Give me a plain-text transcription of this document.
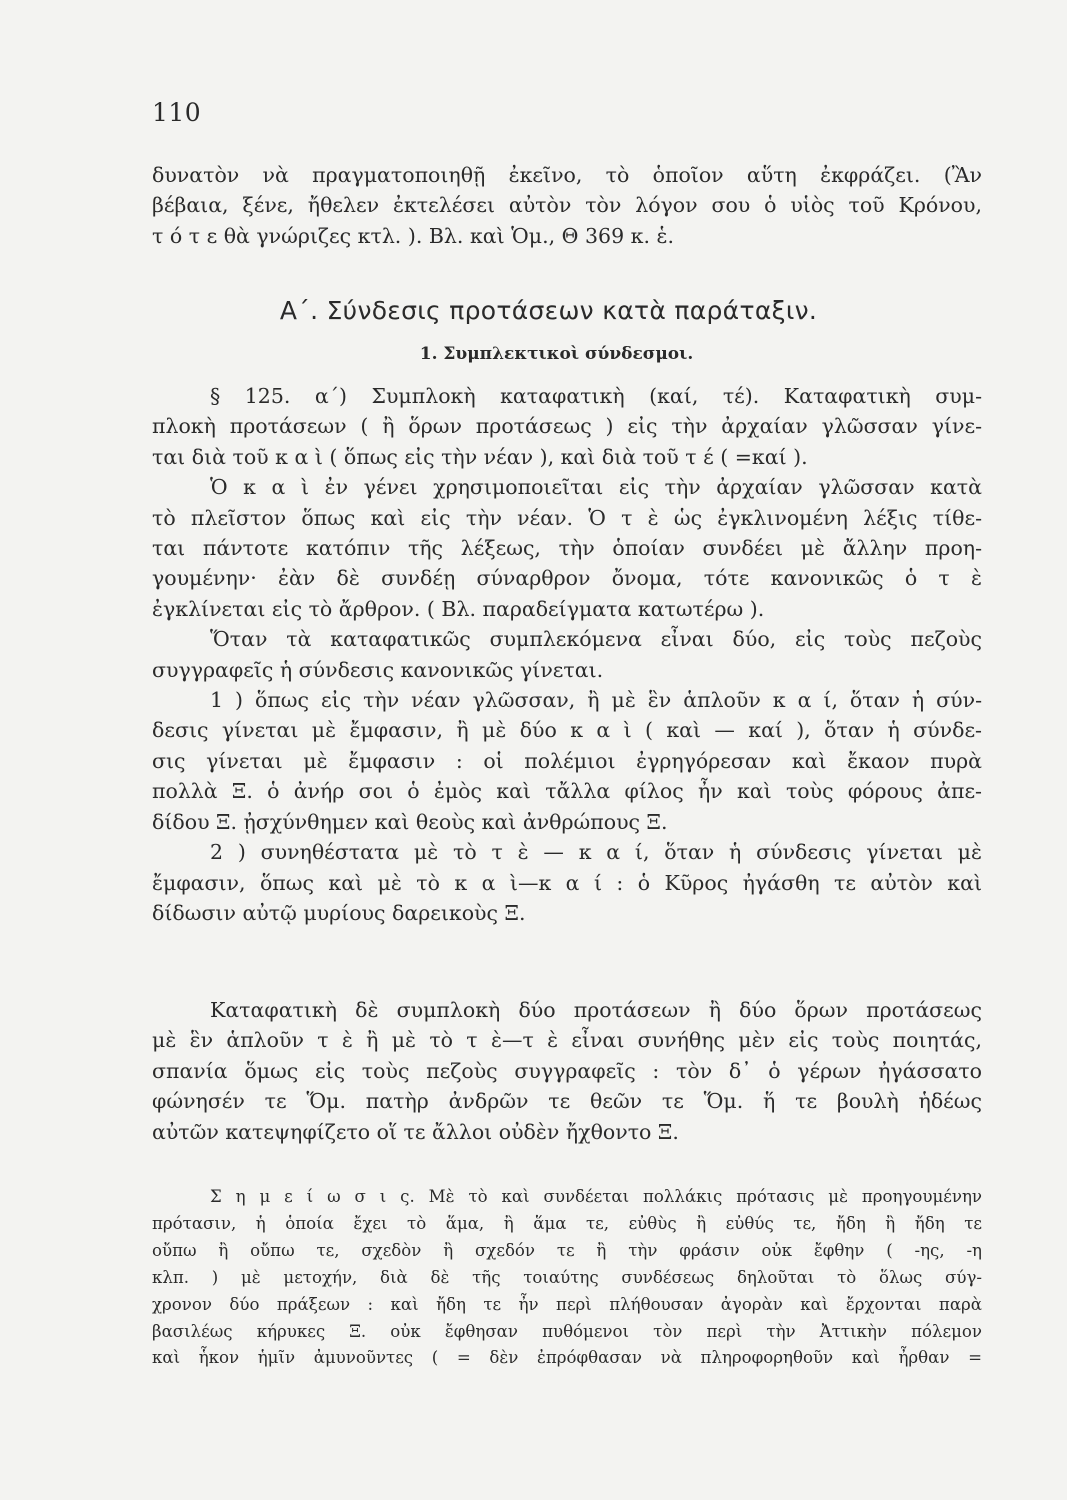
110
δυνατὸν νὰ πραγματοποιηθῇ ἐκεῖνο, τὸ ὁποῖον αὕτη ἐκφράζει. (Ἂν
βέβαια, ξένε, ἤθελεν ἐκτελέσει αὐτὸν τὸν λόγον σου ὁ υἱὸς τοῦ Κρόνου,
τ ό τ ε θὰ γνώριζες κτλ. ). Βλ. καὶ Ὁμ., Θ 369 κ. ἑ.
Α΄. Σύνδεσις προτάσεων κατὰ παράταξιν.
1. Συμπλεκτικοὶ σύνδεσμοι.
§ 125. α΄) Συμπλοκὴ καταφατικὴ (καί, τέ). Καταφατικὴ συμ-
πλοκὴ προτάσεων ( ἢ ὅρων προτάσεως ) εἰς τὴν ἀρχαίαν γλῶσσαν γίνε-
ται διὰ τοῦ κ α ὶ ( ὅπως εἰς τὴν νέαν ), καὶ διὰ τοῦ τ έ ( =καί ).
Ὁ κ α ὶ ἐν γένει χρησιμοποιεῖται εἰς τὴν ἀρχαίαν γλῶσσαν κατὰ
τὸ πλεῖστον ὅπως καὶ εἰς τὴν νέαν. Ὁ τ ὲ ὡς ἐγκλινομένη λέξις τίθε-
ται πάντοτε κατόπιν τῆς λέξεως, τὴν ὁποίαν συνδέει μὲ ἄλλην προη-
γουμένην· ἐὰν δὲ συνδέῃ σύναρθρον ὄνομα, τότε κανονικῶς ὁ τ ὲ
ἐγκλίνεται εἰς τὸ ἄρθρον. ( Βλ. παραδείγματα κατωτέρω ).
Ὅταν τὰ καταφατικῶς συμπλεκόμενα εἶναι δύο, εἰς τοὺς πεζοὺς
συγγραφεῖς ἡ σύνδεσις κανονικῶς γίνεται.
1 ) ὅπως εἰς τὴν νέαν γλῶσσαν, ἢ μὲ ἓν ἁπλοῦν κ α ί, ὅταν ἡ σύν-
δεσις γίνεται μὲ ἔμφασιν, ἢ μὲ δύο κ α ὶ ( καὶ — καί ), ὅταν ἡ σύνδε-
σις γίνεται μὲ ἔμφασιν : οἱ πολέμιοι ἐγρηγόρεσαν καὶ ἔκαον πυρὰ
πολλὰ Ξ. ὁ ἀνήρ σοι ὁ ἐμὸς καὶ τἄλλα φίλος ἦν καὶ τοὺς φόρους ἀπε-
δίδου Ξ. ᾐσχύνθημεν καὶ θεοὺς καὶ ἀνθρώπους Ξ.
2 ) συνηθέστατα μὲ τὸ τ ὲ — κ α ί, ὅταν ἡ σύνδεσις γίνεται μὲ
ἔμφασιν, ὅπως καὶ μὲ τὸ κ α ὶ—κ α ί : ὁ Κῦρος ἠγάσθη τε αὐτὸν καὶ
δίδωσιν αὐτῷ μυρίους δαρεικοὺς Ξ.
Καταφατικὴ δὲ συμπλοκὴ δύο προτάσεων ἢ δύο ὅρων προτάσεως
μὲ ἓν ἁπλοῦν τ ὲ ἢ μὲ τὸ τ ὲ—τ ὲ εἶναι συνήθης μὲν εἰς τοὺς ποιητάς,
σπανία ὅμως εἰς τοὺς πεζοὺς συγγραφεῖς : τὸν δ᾿ ὁ γέρων ἠγάσσατο
φώνησέν τε Ὅμ. πατὴρ ἀνδρῶν τε θεῶν τε Ὅμ. ἥ τε βουλὴ ἡδέως
αὐτῶν κατεψηφίζετο οἵ τε ἄλλοι οὐδὲν ἤχθοντο Ξ.
Σ η μ ε ί ω σ ι ς. Μὲ τὸ καὶ συνδέεται πολλάκις πρότασις μὲ προηγουμένην
πρότασιν, ἡ ὁποία ἔχει τὸ ἅμα, ἢ ἅμα τε, εὐθὺς ἢ εὐθύς τε, ἤδη ἢ ἤδη τε
οὔπω ἢ οὔπω τε, σχεδὸν ἢ σχεδόν τε ἢ τὴν φράσιν οὐκ ἔφθην ( -ης, -η
κλπ. ) μὲ μετοχήν, διὰ δὲ τῆς τοιαύτης συνδέσεως δηλοῦται τὸ ὅλως σύγ-
χρονον δύο πράξεων : καὶ ἤδη τε ἦν περὶ πλήθουσαν ἀγορὰν καὶ ἔρχονται παρὰ
βασιλέως κήρυκες Ξ. οὐκ ἔφθησαν πυθόμενοι τὸν περὶ τὴν Ἀττικὴν πόλεμον
καὶ ἧκον ἡμῖν ἀμυνοῦντες ( = δὲν ἐπρόφθασαν νὰ πληροφορηθοῦν καὶ ἦρθαν =
